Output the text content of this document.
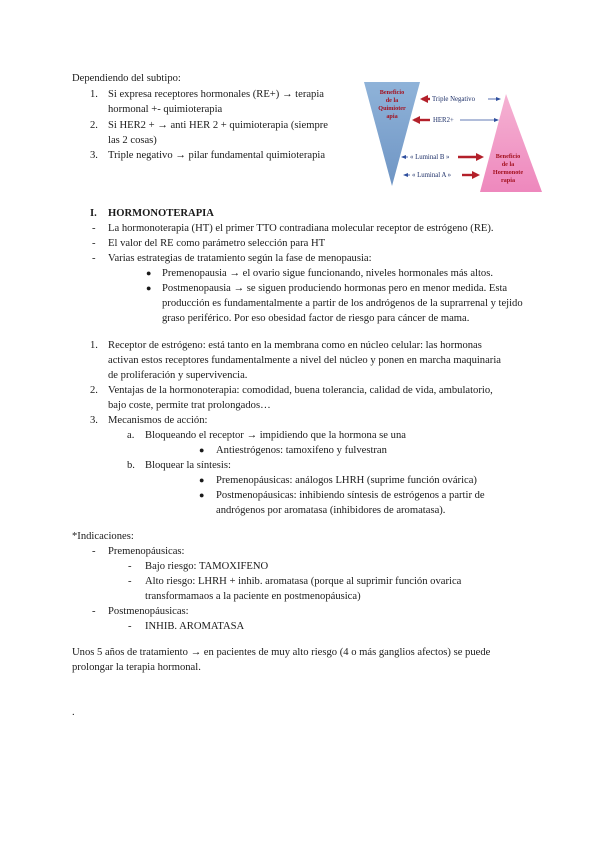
Dependiendo del subtipo:
1. Si expresa receptores hormonales (RE+) → terapia
hormonal +- quimioterapia
2. Si HER2 + → anti HER 2 + quimioterapia (siempre
las 2 cosas)
3. Triple negativo → pilar fundamental quimioterapia
Beneficio
de la
Quimioter
apia
Beneficio
de la
Hormonote
rapia
Triple Negativo
HER2+
« Luminal B »
« Luminal A »
I. HORMONOTERAPIA
- La hormonoterapia (HT) el primer TTO contradiana molecular receptor de estrógeno (RE).
- El valor del RE como parámetro selección para HT
- Varias estrategias de tratamiento según la fase de menopausia:
● Premenopausia → el ovario sigue funcionando, niveles hormonales más altos.
● Postmenopausia → se siguen produciendo hormonas pero en menor medida. Esta
producción es fundamentalmente a partir de los andrógenos de la suprarrenal y tejido
graso periférico. Por eso obesidad factor de riesgo para cáncer de mama.
1. Receptor de estrógeno: está tanto en la membrana como en núcleo celular: las hormonas
activan estos receptores fundamentalmente a nivel del núcleo y ponen en marcha maquinaria
de proliferación y supervivencia.
2. Ventajas de la hormonoterapia: comodidad, buena tolerancia, calidad de vida, ambulatorio,
bajo coste, permite trat prolongados…
3. Mecanismos de acción:
a. Bloqueando el receptor → impidiendo que la hormona se una
● Antiestrógenos: tamoxifeno y fulvestran
b. Bloquear la síntesis:
● Premenopáusicas: análogos LHRH (suprime función ovárica)
● Postmenopáusicas: inhibiendo síntesis de estrógenos a partir de
andrógenos por aromatasa (inhibidores de aromatasa).
*Indicaciones:
- Premenopáusicas:
- Bajo riesgo: TAMOXIFENO
- Alto riesgo: LHRH + inhib. aromatasa (porque al suprimir función ovarica
transformamaos a la paciente en postmenopáusica)
- Postmenopáusicas:
- INHIB. AROMATASA
Unos 5 años de tratamiento → en pacientes de muy alto riesgo (4 o más ganglios afectos) se puede
prolongar la terapia hormonal.
.
